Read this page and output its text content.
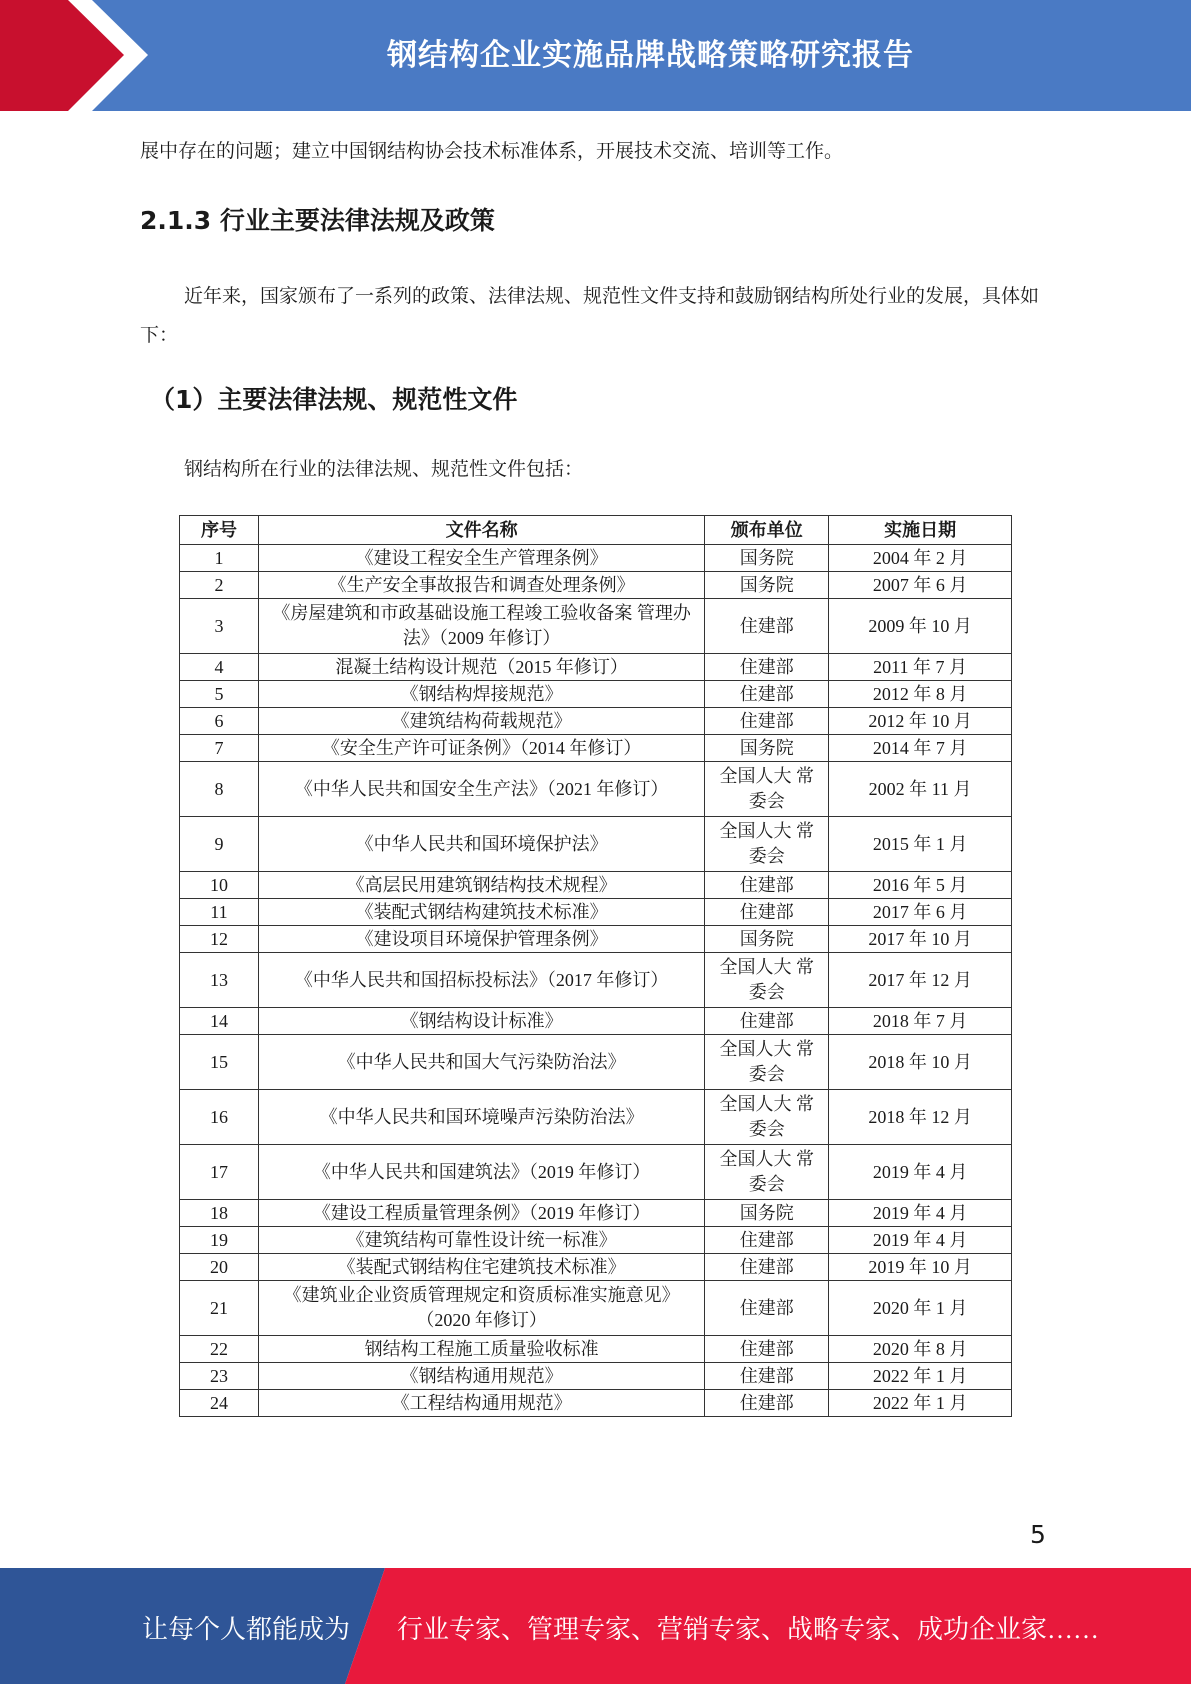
钢结构企业实施品牌战略策略研究报告
展中存在的问题；建立中国钢结构协会技术标准体系，开展技术交流、培训等工作。
2.1.3 行业主要法律法规及政策
近年来，国家颁布了一系列的政策、法律法规、规范性文件支持和鼓励钢结构所处行业的发展，具体如下：
（1）主要法律法规、规范性文件
钢结构所在行业的法律法规、规范性文件包括：
序号	文件名称	颁布单位	实施日期
1	《建设工程安全生产管理条例》	国务院	2004 年 2 月
2	《生产安全事故报告和调查处理条例》	国务院	2007 年 6 月
3	《房屋建筑和市政基础设施工程竣工验收备案 管理办法》（2009 年修订）	住建部	2009 年 10 月
4	混凝土结构设计规范（2015 年修订）	住建部	2011 年 7 月
5	《钢结构焊接规范》	住建部	2012 年 8 月
6	《建筑结构荷载规范》	住建部	2012 年 10 月
7	《安全生产许可证条例》（2014 年修订）	国务院	2014 年 7 月
8	《中华人民共和国安全生产法》（2021 年修订）	全国人大 常委会	2002 年 11 月
9	《中华人民共和国环境保护法》	全国人大 常委会	2015 年 1 月
10	《高层民用建筑钢结构技术规程》	住建部	2016 年 5 月
11	《装配式钢结构建筑技术标准》	住建部	2017 年 6 月
12	《建设项目环境保护管理条例》	国务院	2017 年 10 月
13	《中华人民共和国招标投标法》（2017 年修订）	全国人大 常委会	2017 年 12 月
14	《钢结构设计标准》	住建部	2018 年 7 月
15	《中华人民共和国大气污染防治法》	全国人大 常委会	2018 年 10 月
16	《中华人民共和国环境噪声污染防治法》	全国人大 常委会	2018 年 12 月
17	《中华人民共和国建筑法》（2019 年修订）	全国人大 常委会	2019 年 4 月
18	《建设工程质量管理条例》（2019 年修订）	国务院	2019 年 4 月
19	《建筑结构可靠性设计统一标准》	住建部	2019 年 4 月
20	《装配式钢结构住宅建筑技术标准》	住建部	2019 年 10 月
21	《建筑业企业资质管理规定和资质标准实施意见》（2020 年修订）	住建部	2020 年 1 月
22	钢结构工程施工质量验收标准	住建部	2020 年 8 月
23	《钢结构通用规范》	住建部	2022 年 1 月
24	《工程结构通用规范》	住建部	2022 年 1 月
5
让每个人都能成为 行业专家、管理专家、营销专家、战略专家、成功企业家……
